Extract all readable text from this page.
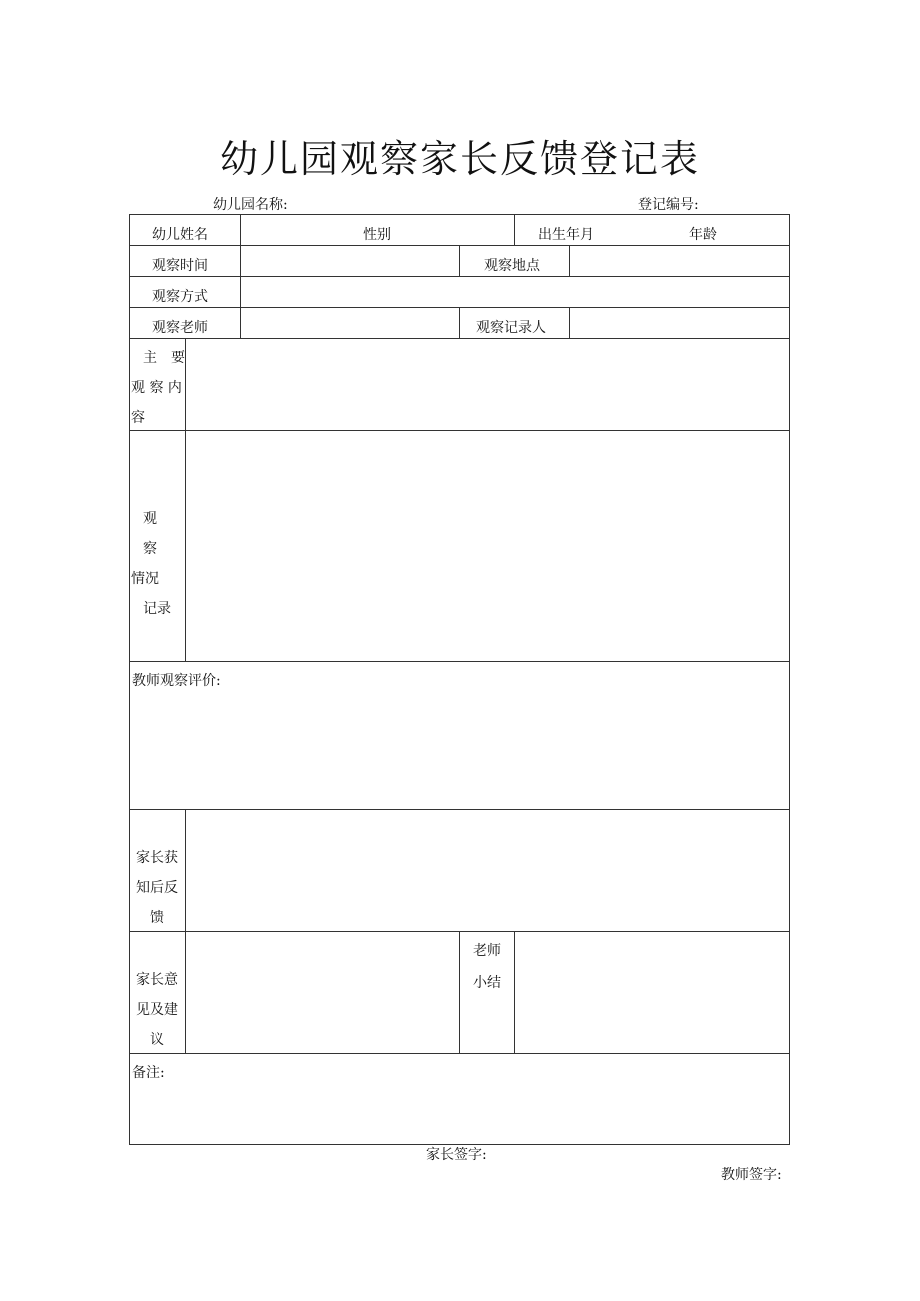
幼儿园观察家长反馈登记表
幼儿园名称:	登记编号:
幼儿姓名	性别	出生年月	年龄
观察时间	观察地点
观察方式
观察老师	观察记录人
主　要
观 察 内
容
观　 察
情况
记录
教师观察评价:
家长获
知后反
馈
家长意
见及建
议
老师
小结
备注:
家长签字:
教师签字:
